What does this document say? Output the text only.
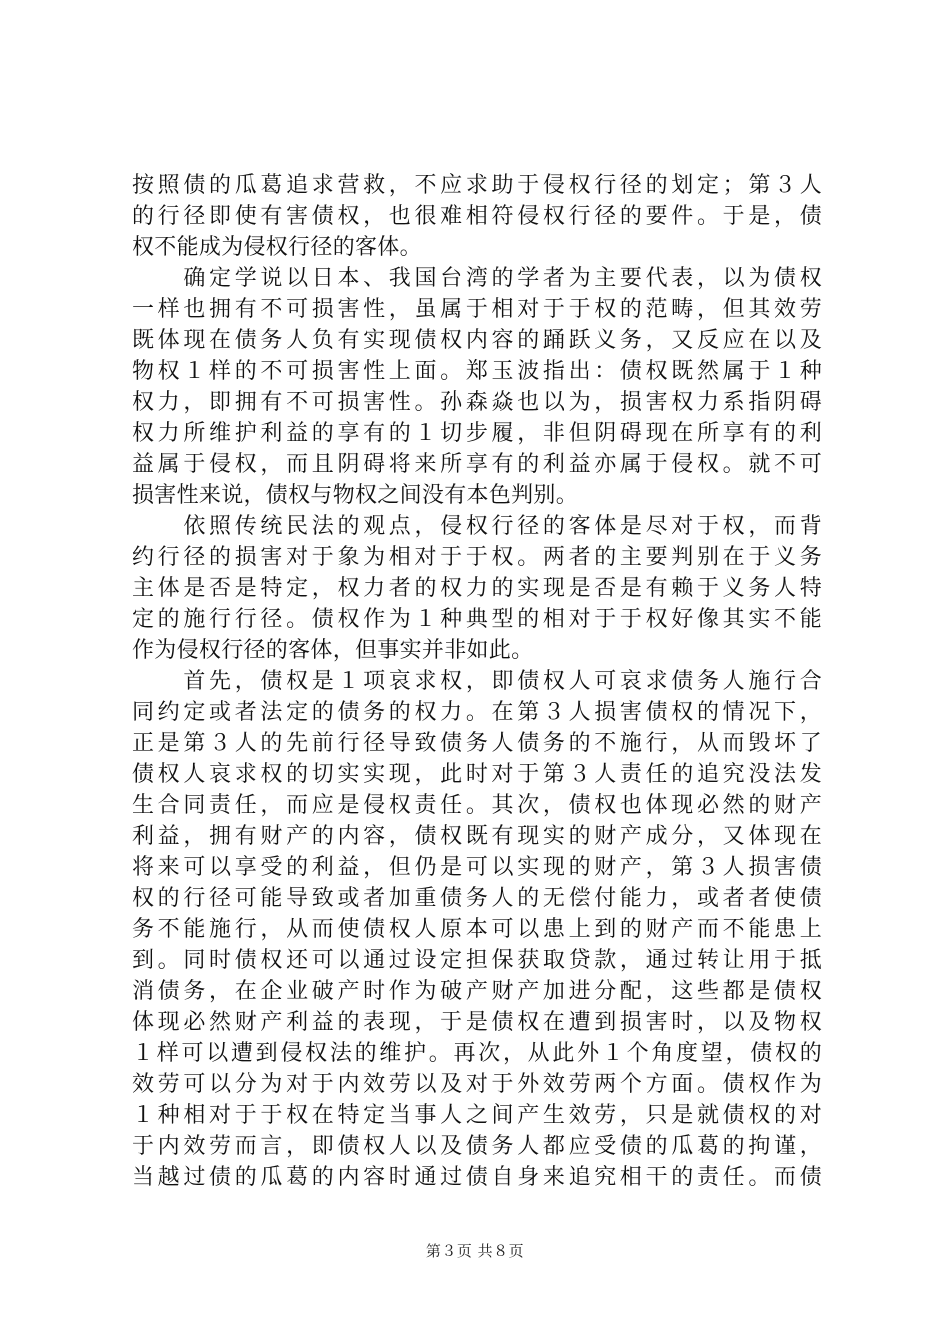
按照债的瓜葛追求营救，不应求助于侵权行径的划定；第３人
的行径即使有害债权，也很难相符侵权行径的要件。于是，债
权不能成为侵权行径的客体。
　　确定学说以日本、我国台湾的学者为主要代表，以为债权
一样也拥有不可损害性，虽属于相对于于权的范畴，但其效劳
既体现在债务人负有实现债权内容的踊跃义务，又反应在以及
物权１样的不可损害性上面。郑玉波指出：债权既然属于１种
权力，即拥有不可损害性。孙森焱也以为，损害权力系指阴碍
权力所维护利益的享有的１切步履，非但阴碍现在所享有的利
益属于侵权，而且阴碍将来所享有的利益亦属于侵权。就不可
损害性来说，债权与物权之间没有本色判别。
　　依照传统民法的观点，侵权行径的客体是尽对于权，而背
约行径的损害对于象为相对于于权。两者的主要判别在于义务
主体是否是特定，权力者的权力的实现是否是有赖于义务人特
定的施行行径。债权作为１种典型的相对于于权好像其实不能
作为侵权行径的客体，但事实并非如此。
　　首先，债权是１项哀求权，即债权人可哀求债务人施行合
同约定或者法定的债务的权力。在第３人损害债权的情况下，
正是第３人的先前行径导致债务人债务的不施行，从而毁坏了
债权人哀求权的切实实现，此时对于第３人责任的追究没法发
生合同责任，而应是侵权责任。其次，债权也体现必然的财产
利益，拥有财产的内容，债权既有现实的财产成分，又体现在
将来可以享受的利益，但仍是可以实现的财产，第３人损害债
权的行径可能导致或者加重债务人的无偿付能力，或者者使债
务不能施行，从而使债权人原本可以患上到的财产而不能患上
到。同时债权还可以通过设定担保获取贷款，通过转让用于抵
消债务，在企业破产时作为破产财产加进分配，这些都是债权
体现必然财产利益的表现，于是债权在遭到损害时，以及物权
１样可以遭到侵权法的维护。再次，从此外１个角度望，债权的
效劳可以分为对于内效劳以及对于外效劳两个方面。债权作为
１种相对于于权在特定当事人之间产生效劳，只是就债权的对
于内效劳而言，即债权人以及债务人都应受债的瓜葛的拘谨，
当越过债的瓜葛的内容时通过债自身来追究相干的责任。而债
第３页 共８页
